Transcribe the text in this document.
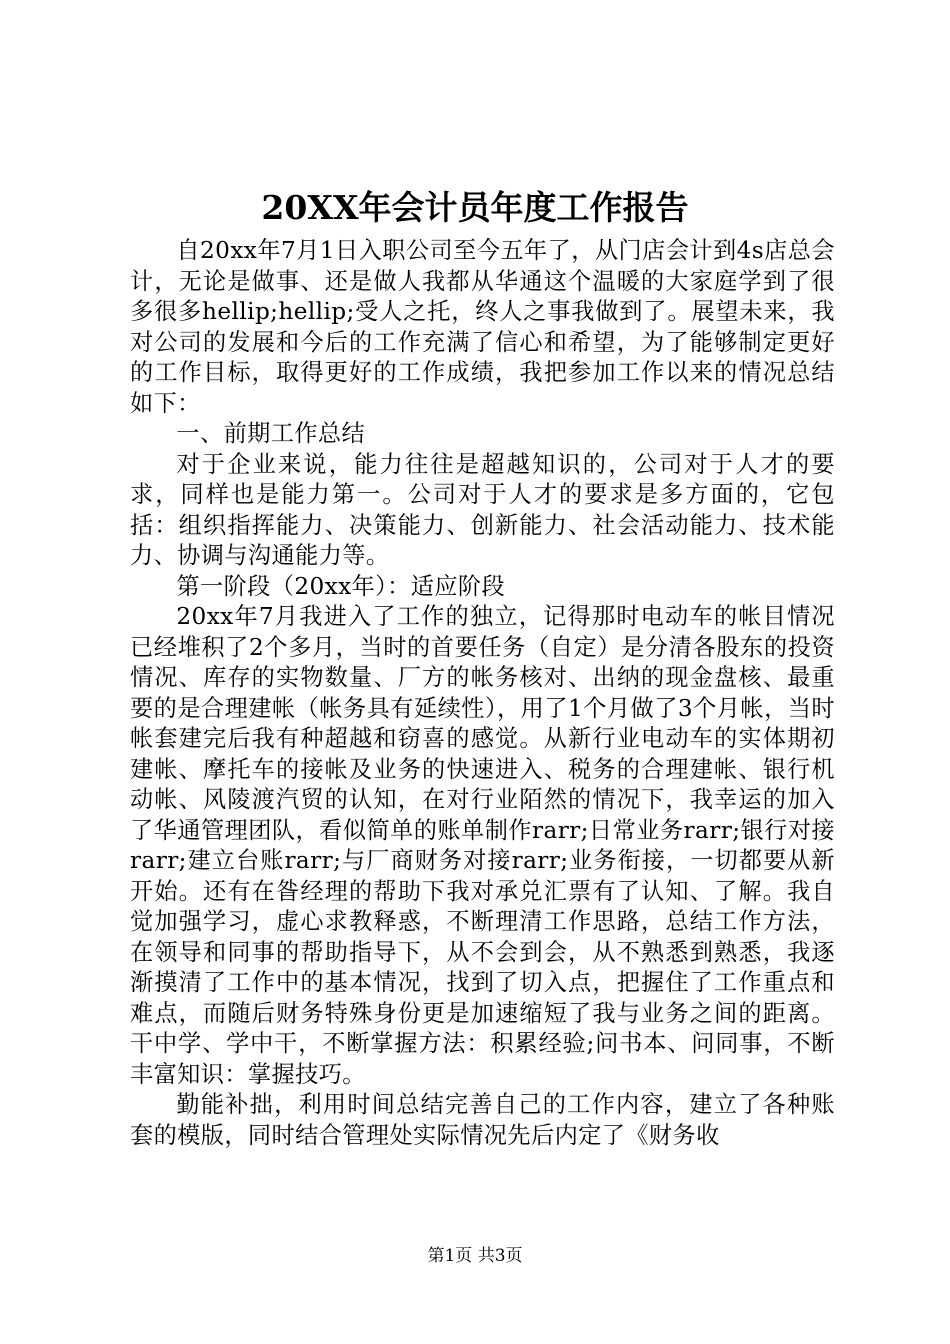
20XX年会计员年度工作报告

自20xx年7月1日入职公司至今五年了，从门店会计到4s店总会计，无论是做事、还是做人我都从华通这个温暖的大家庭学到了很多很多hellip;hellip;受人之托，终人之事我做到了。展望未来，我对公司的发展和今后的工作充满了信心和希望，为了能够制定更好的工作目标，取得更好的工作成绩，我把参加工作以来的情况总结如下：

一、前期工作总结

对于企业来说，能力往往是超越知识的，公司对于人才的要求，同样也是能力第一。公司对于人才的要求是多方面的，它包括：组织指挥能力、决策能力、创新能力、社会活动能力、技术能力、协调与沟通能力等。

第一阶段（20xx年）：适应阶段

20xx年7月我进入了工作的独立，记得那时电动车的帐目情况已经堆积了2个多月，当时的首要任务（自定）是分清各股东的投资情况、库存的实物数量、厂方的帐务核对、出纳的现金盘核、最重要的是合理建帐（帐务具有延续性），用了1个月做了3个月帐，当时帐套建完后我有种超越和窃喜的感觉。从新行业电动车的实体期初建帐、摩托车的接帐及业务的快速进入、税务的合理建帐、银行机动帐、风陵渡汽贸的认知，在对行业陌然的情况下，我幸运的加入了华通管理团队，看似简单的账单制作rarr;日常业务rarr;银行对接rarr;建立台账rarr;与厂商财务对接rarr;业务衔接，一切都要从新开始。还有在昝经理的帮助下我对承兑汇票有了认知、了解。我自觉加强学习，虚心求教释惑，不断理清工作思路，总结工作方法，在领导和同事的帮助指导下，从不会到会，从不熟悉到熟悉，我逐渐摸清了工作中的基本情况，找到了切入点，把握住了工作重点和难点，而随后财务特殊身份更是加速缩短了我与业务之间的距离。干中学、学中干，不断掌握方法：积累经验;问书本、问同事，不断丰富知识：掌握技巧。

勤能补拙，利用时间总结完善自己的工作内容，建立了各种账套的模版，同时结合管理处实际情况先后内定了《财务收

第1页 共3页
